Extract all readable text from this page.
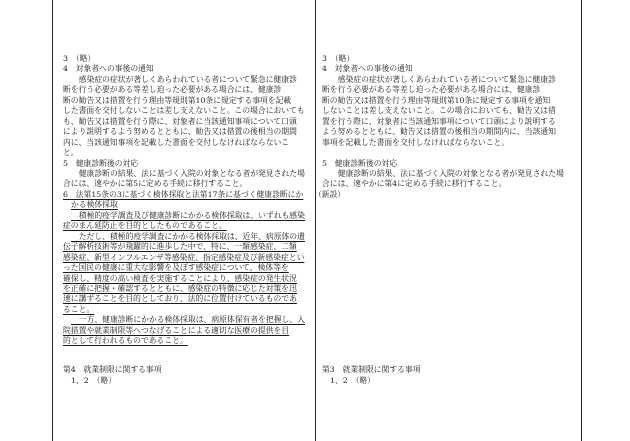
3　（略）
4　対象者への事後の通知
　感染症の症状が著しくあらわれている者について緊急に健康診
断を行う必要がある等差し迫った必要がある場合には、健康診
断の勧告又は措置を行う理由等規則第10条に規定する事項を記載
した書面を交付しないことは差し支えないこと。この場合においても
も、勧告又は措置を行う際に、対象者に当該通知事項について口頭
により説明するよう努めるとともに、勧告又は措置の後相当の期間
内に、当該通知事項を記載した書面を交付しなければならないこ
と。
5　健康診断後の対応
　健康診断の結果、法に基づく入院の対象となる者が発見された場
合には、速やかに第5に定める手続に移行すること。
6　法第15条の3に基づく検体採取と法第17条に基づく健康診断にか
かる検体採取
　積極的疫学調査及び健康診断にかかる検体採取は、いずれも感染
症のまん延防止を目的としたものであること。
　ただし、積極的疫学調査にかかる検体採取は、近年、病原体の遺
伝子解析技術等が飛躍的に進歩した中で、特に、一類感染症、二類
感染症、新型インフルエンザ等感染症、指定感染症及び新感染症とい
った国民の健康に重大な影響を及ぼす感染症について、検体等を
確保し、精度の高い検査を実施することにより、感染症の発生状況
を正確に把握・確認するとともに、感染症の特徴に応じた対策を迅
速に講ずることを目的としており、法的に位置付けているものであ
ること。
　一方、健康診断にかかる検体採取は、病原体保有者を把握し、入
院措置や就業制限等へつなげることによる適切な医療の提供を目
的として行われるものであること。
3　（略）
4　対象者への事後の通知
　感染症の症状が著しくあらわれている者について緊急に健康診
断を行う必要がある等差し迫った必要がある場合には、健康診
断の勧告又は措置を行う理由等規則第10条に規定する事項を通知
しないことは差し支えないこと。この場合においても、勧告又は措
置を行う際に、対象者に当該通知事項について口頭により説明する
よう努めるとともに、勧告又は措置の後相当の期間内に、当該通知
事項を記載した書面を交付しなければならないこと。
5　健康診断後の対応
　健康診断の結果、法に基づく入院の対象となる者が発見された場
合には、速やかに第4に定める手続に移行すること。
（新設）
第4　就業制限に関する事項
1、2　（略）
第3　就業制限に関する事項
1、2　（略）
